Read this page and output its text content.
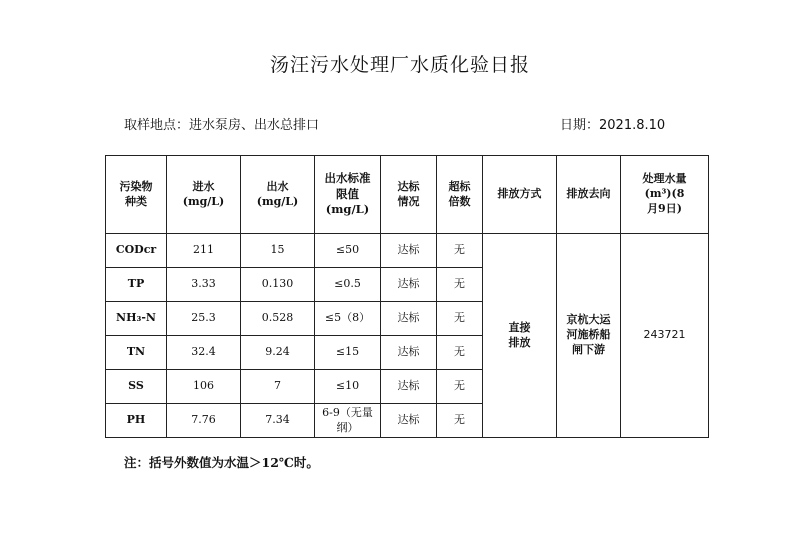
汤汪污水处理厂水质化验日报
取样地点：进水泵房、出水总排口	日期：2021.8.10
污染物种类	进水(mg/L)	出水(mg/L)	出水标准限值(mg/L)	达标情况	超标倍数	排放方式	排放去向	处理水量(m³)(8月9日)

CODcr	211	15	≤50	达标	无	直接排放	京杭大运河施桥船闸下游	243721
TP	3.33	0.130	≤0.5	达标	无			
NH₃-N	25.3	0.528	≤5（8）	达标	无			
TN	32.4	9.24	≤15	达标	无			
SS	106	7	≤10	达标	无			
PH	7.76	7.34	6-9（无量纲）	达标	无			
注：括号外数值为水温＞12℃时。
